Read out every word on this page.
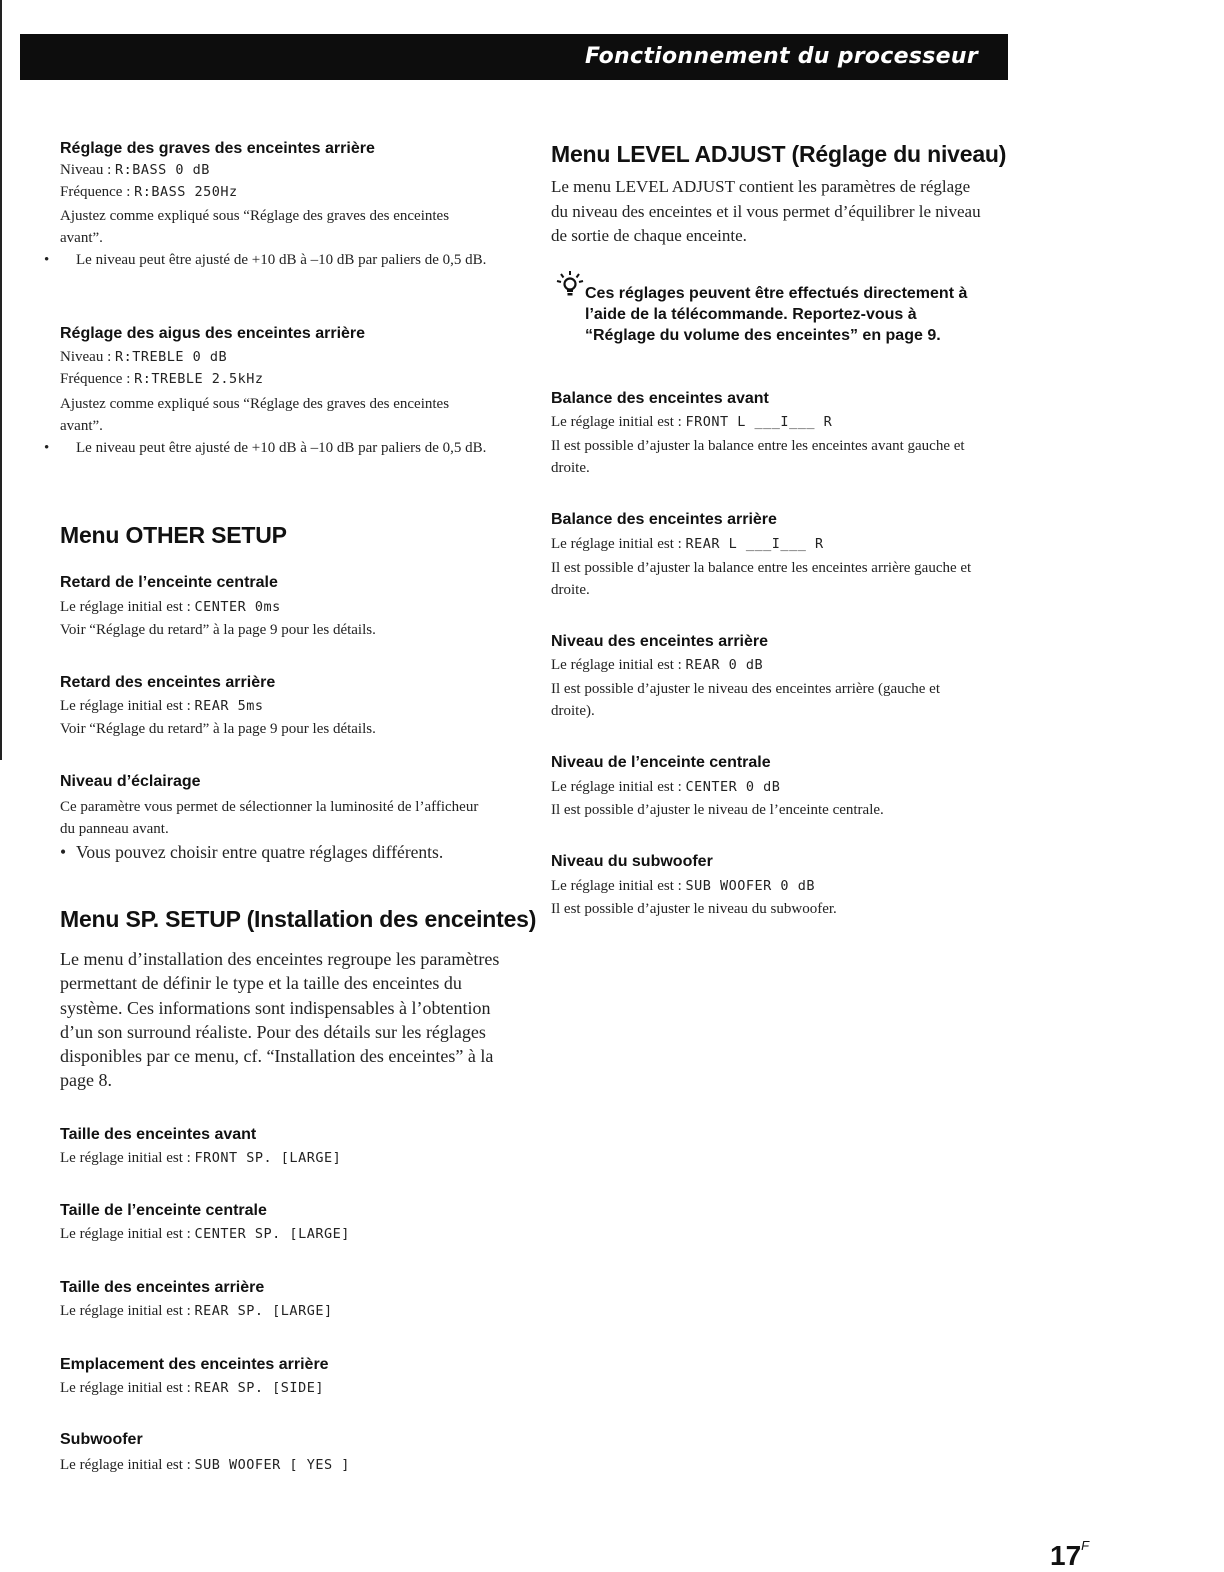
Fonctionnement du processeur
Réglage des graves des enceintes arrière
Niveau : R:BASS 0 dB
Fréquence : R:BASS 250Hz
Ajustez comme expliqué sous “Réglage des graves des enceintes avant”.
• Le niveau peut être ajusté de +10 dB à –10 dB par paliers de 0,5 dB.
Réglage des aigus des enceintes arrière
Niveau : R:TREBLE 0 dB
Fréquence : R:TREBLE 2.5kHz
Ajustez comme expliqué sous “Réglage des graves des enceintes avant”.
• Le niveau peut être ajusté de +10 dB à –10 dB par paliers de 0,5 dB.
Menu OTHER SETUP
Retard de l’enceinte centrale
Le réglage initial est : CENTER 0ms
Voir “Réglage du retard” à la page 9 pour les détails.
Retard des enceintes arrière
Le réglage initial est : REAR 5ms
Voir “Réglage du retard” à la page 9 pour les détails.
Niveau d’éclairage
Ce paramètre vous permet de sélectionner la luminosité de l’afficheur du panneau avant.
• Vous pouvez choisir entre quatre réglages différents.
Menu SP. SETUP (Installation des enceintes)
Le menu d’installation des enceintes regroupe les paramètres permettant de définir le type et la taille des enceintes du système. Ces informations sont indispensables à l’obtention d’un son surround réaliste. Pour des détails sur les réglages disponibles par ce menu, cf. “Installation des enceintes” à la page 8.
Taille des enceintes avant
Le réglage initial est : FRONT SP. [LARGE]
Taille de l’enceinte centrale
Le réglage initial est : CENTER SP. [LARGE]
Taille des enceintes arrière
Le réglage initial est : REAR SP. [LARGE]
Emplacement des enceintes arrière
Le réglage initial est : REAR SP. [SIDE]
Subwoofer
Le réglage initial est : SUB WOOFER [ YES ]
Menu LEVEL ADJUST (Réglage du niveau)
Le menu LEVEL ADJUST contient les paramètres de réglage du niveau des enceintes et il vous permet d’équilibrer le niveau de sortie de chaque enceinte.
Ces réglages peuvent être effectués directement à l’aide de la télécommande. Reportez-vous à “Réglage du volume des enceintes” en page 9.
Balance des enceintes avant
Le réglage initial est : FRONT L ___I___ R
Il est possible d’ajuster la balance entre les enceintes avant gauche et droite.
Balance des enceintes arrière
Le réglage initial est : REAR L ___I___ R
Il est possible d’ajuster la balance entre les enceintes arrière gauche et droite.
Niveau des enceintes arrière
Le réglage initial est : REAR 0 dB
Il est possible d’ajuster le niveau des enceintes arrière (gauche et droite).
Niveau de l’enceinte centrale
Le réglage initial est : CENTER 0 dB
Il est possible d’ajuster le niveau de l’enceinte centrale.
Niveau du subwoofer
Le réglage initial est : SUB WOOFER 0 dB
Il est possible d’ajuster le niveau du subwoofer.
$17^F$
